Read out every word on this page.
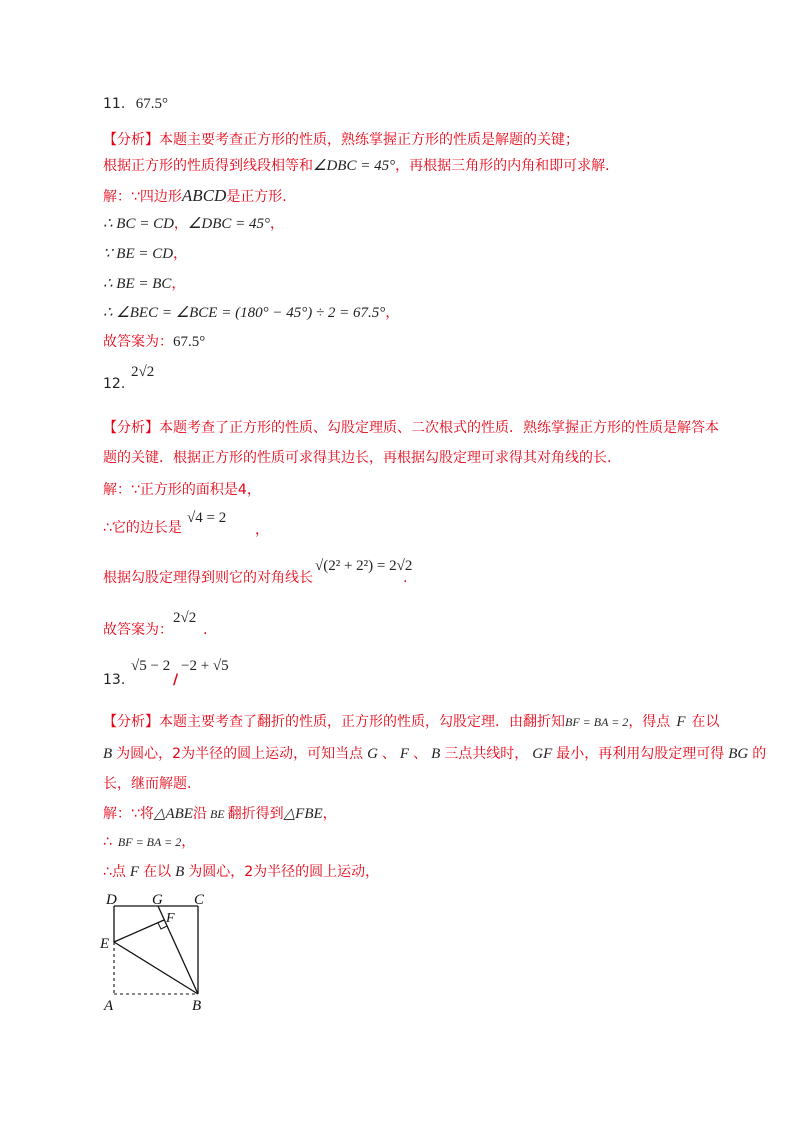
11. 67.5°
【分析】本题主要考查正方形的性质，熟练掌握正方形的性质是解题的关键；
根据正方形的性质得到线段相等和∠DBC = 45°，再根据三角形的内角和即可求解.
解：∵四边形ABCD是正方形.
∴ BC = CD，∠DBC = 45°，
∵ BE = CD，
∴ BE = BC，
∴ ∠BEC = ∠BCE = (180° − 45°) ÷ 2 = 67.5°，
故答案为：67.5°
12.
2√2
【分析】本题考查了正方形的性质、勾股定理质、二次根式的性质．熟练掌握正方形的性质是解答本
题的关键．根据正方形的性质可求得其边长，再根据勾股定理可求得其对角线的长.
解：∵正方形的面积是4，
∴它的边长是
√4 = 2
，
根据勾股定理得到则它的对角线长
√(2² + 2²) = 2√2
.
故答案为：
2√2
.
13.
√5 − 2
/
−2 + √5
【分析】本题主要考查了翻折的性质，正方形的性质，勾股定理．由翻折知BF = BA = 2，得点 F 在以
B 为圆心，2为半径的圆上运动，可知当点 G 、 F 、 B 三点共线时， GF 最小，再利用勾股定理可得 BG 的
长，继而解题.
解：∵将△ABE沿 BE 翻折得到△FBE，
∴ BF = BA = 2，
∴点 F 在以 B 为圆心，2为半径的圆上运动，
D G C
F
E
A	B
